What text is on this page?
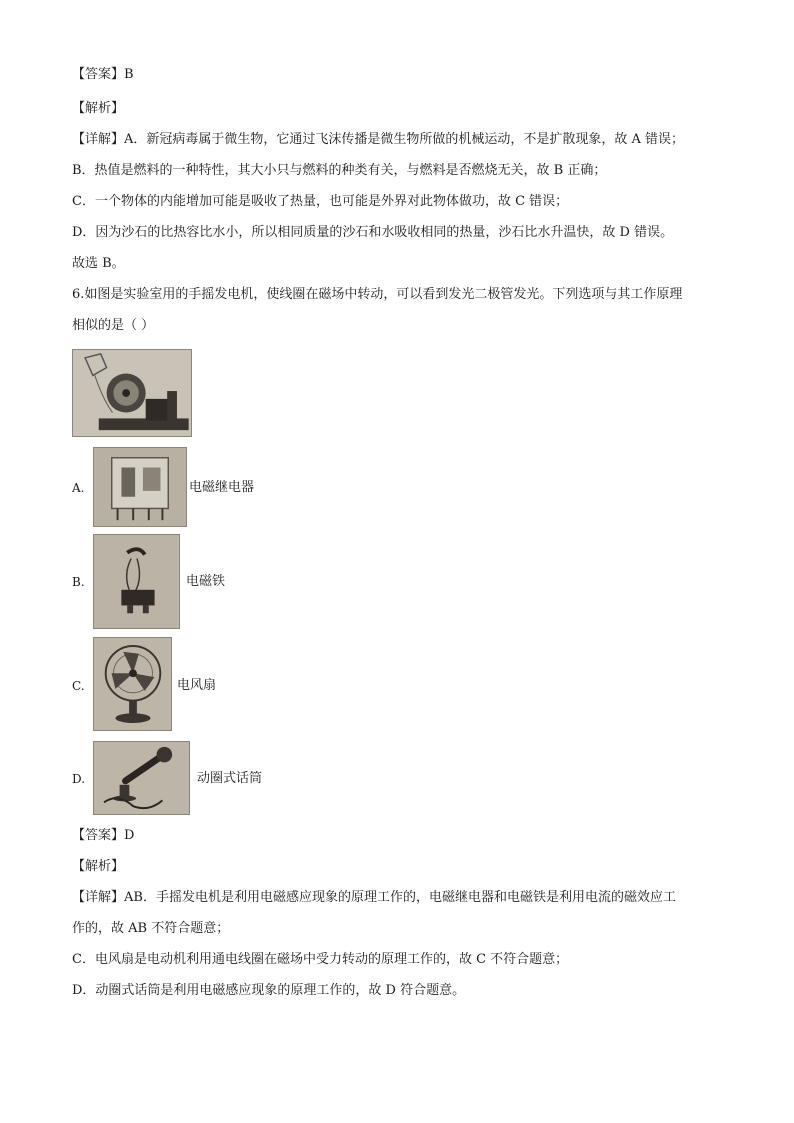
【答案】B
【解析】
【详解】A．新冠病毒属于微生物，它通过飞沫传播是微生物所做的机械运动，不是扩散现象，故 A 错误；
B．热值是燃料的一种特性，其大小只与燃料的种类有关，与燃料是否燃烧无关，故 B 正确；
C．一个物体的内能增加可能是吸收了热量，也可能是外界对此物体做功，故 C 错误；
D．因为沙石的比热容比水小，所以相同质量的沙石和水吸收相同的热量，沙石比水升温快，故 D 错误。
故选 B。
6.如图是实验室用的手摇发电机，使线圈在磁场中转动，可以看到发光二极管发光。下列选项与其工作原理
相似的是（ ）
A.	电磁继电器
B.	电磁铁
C.	电风扇
D.	动圈式话筒
【答案】D
【解析】
【详解】AB．手摇发电机是利用电磁感应现象的原理工作的，电磁继电器和电磁铁是利用电流的磁效应工
作的，故 AB 不符合题意；
C．电风扇是电动机利用通电线圈在磁场中受力转动的原理工作的，故 C 不符合题意；
D．动圈式话筒是利用电磁感应现象的原理工作的，故 D 符合题意。
